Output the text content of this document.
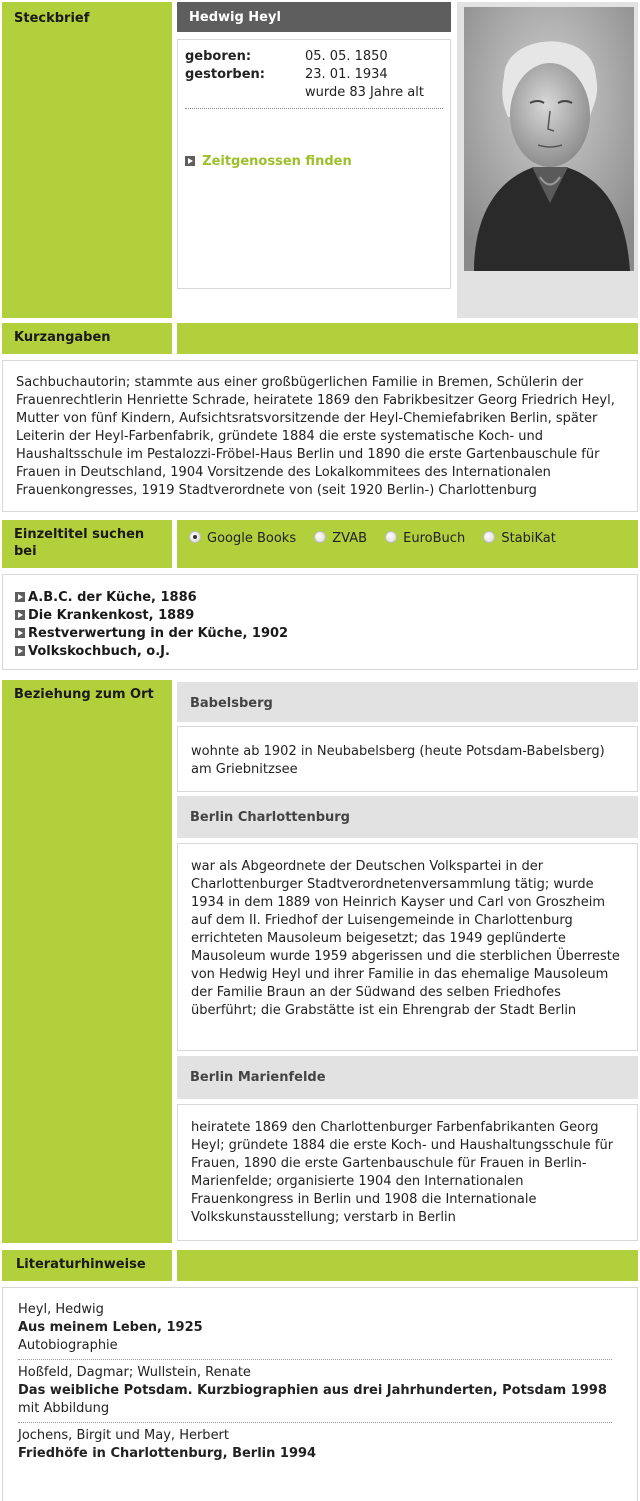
Steckbrief	Hedwig Heyl
geboren:	05. 05. 1850
gestorben:	23. 01. 1934
wurde 83 Jahre alt
Zeitgenossen finden
Kurzangaben

Sachbuchautorin; stammte aus einer großbügerlichen Familie in Bremen, Schülerin der Frauenrechtlerin Henriette Schrade, heiratete 1869 den Fabrikbesitzer Georg Friedrich Heyl, Mutter von fünf Kindern, Aufsichtsratsvorsitzende der Heyl-Chemiefabriken Berlin, später Leiterin der Heyl-Farbenfabrik, gründete 1884 die erste systematische Koch- und Haushaltsschule im Pestalozzi-Fröbel-Haus Berlin und 1890 die erste Gartenbauschule für Frauen in Deutschland, 1904 Vorsitzende des Lokalkommitees des Internationalen Frauenkongresses, 1919 Stadtverordnete von (seit 1920 Berlin-) Charlottenburg

Einzeltitel suchen bei
Google Books	ZVAB	EuroBuch	StabiKat
A.B.C. der Küche, 1886
Die Krankenkost, 1889
Restverwertung in der Küche, 1902
Volkskochbuch, o.J.
Beziehung zum Ort
Babelsberg

wohnte ab 1902 in Neubabelsberg (heute Potsdam-Babelsberg) am Griebnitzsee

Berlin Charlottenburg

war als Abgeordnete der Deutschen Volkspartei in der Charlottenburger Stadtverordnetenversammlung tätig; wurde 1934 in dem 1889 von Heinrich Kayser und Carl von Groszheim auf dem II. Friedhof der Luisengemeinde in Charlottenburg errichteten Mausoleum beigesetzt; das 1949 geplünderte Mausoleum wurde 1959 abgerissen und die sterblichen Überreste von Hedwig Heyl und ihrer Familie in das ehemalige Mausoleum der Familie Braun an der Südwand des selben Friedhofes überführt; die Grabstätte ist ein Ehrengrab der Stadt Berlin

Berlin Marienfelde

heiratete 1869 den Charlottenburger Farbenfabrikanten Georg Heyl; gründete 1884 die erste Koch- und Haushaltungsschule für Frauen, 1890 die erste Gartenbauschule für Frauen in Berlin-Marienfelde; organisierte 1904 den Internationalen Frauenkongress in Berlin und 1908 die Internationale Volkskunstausstellung; verstarb in Berlin

Literaturhinweise
Heyl, Hedwig
Aus meinem Leben, 1925
Autobiographie
Hoßfeld, Dagmar; Wullstein, Renate
Das weibliche Potsdam. Kurzbiographien aus drei Jahrhunderten, Potsdam 1998
mit Abbildung
Jochens, Birgit und May, Herbert
Friedhöfe in Charlottenburg, Berlin 1994
